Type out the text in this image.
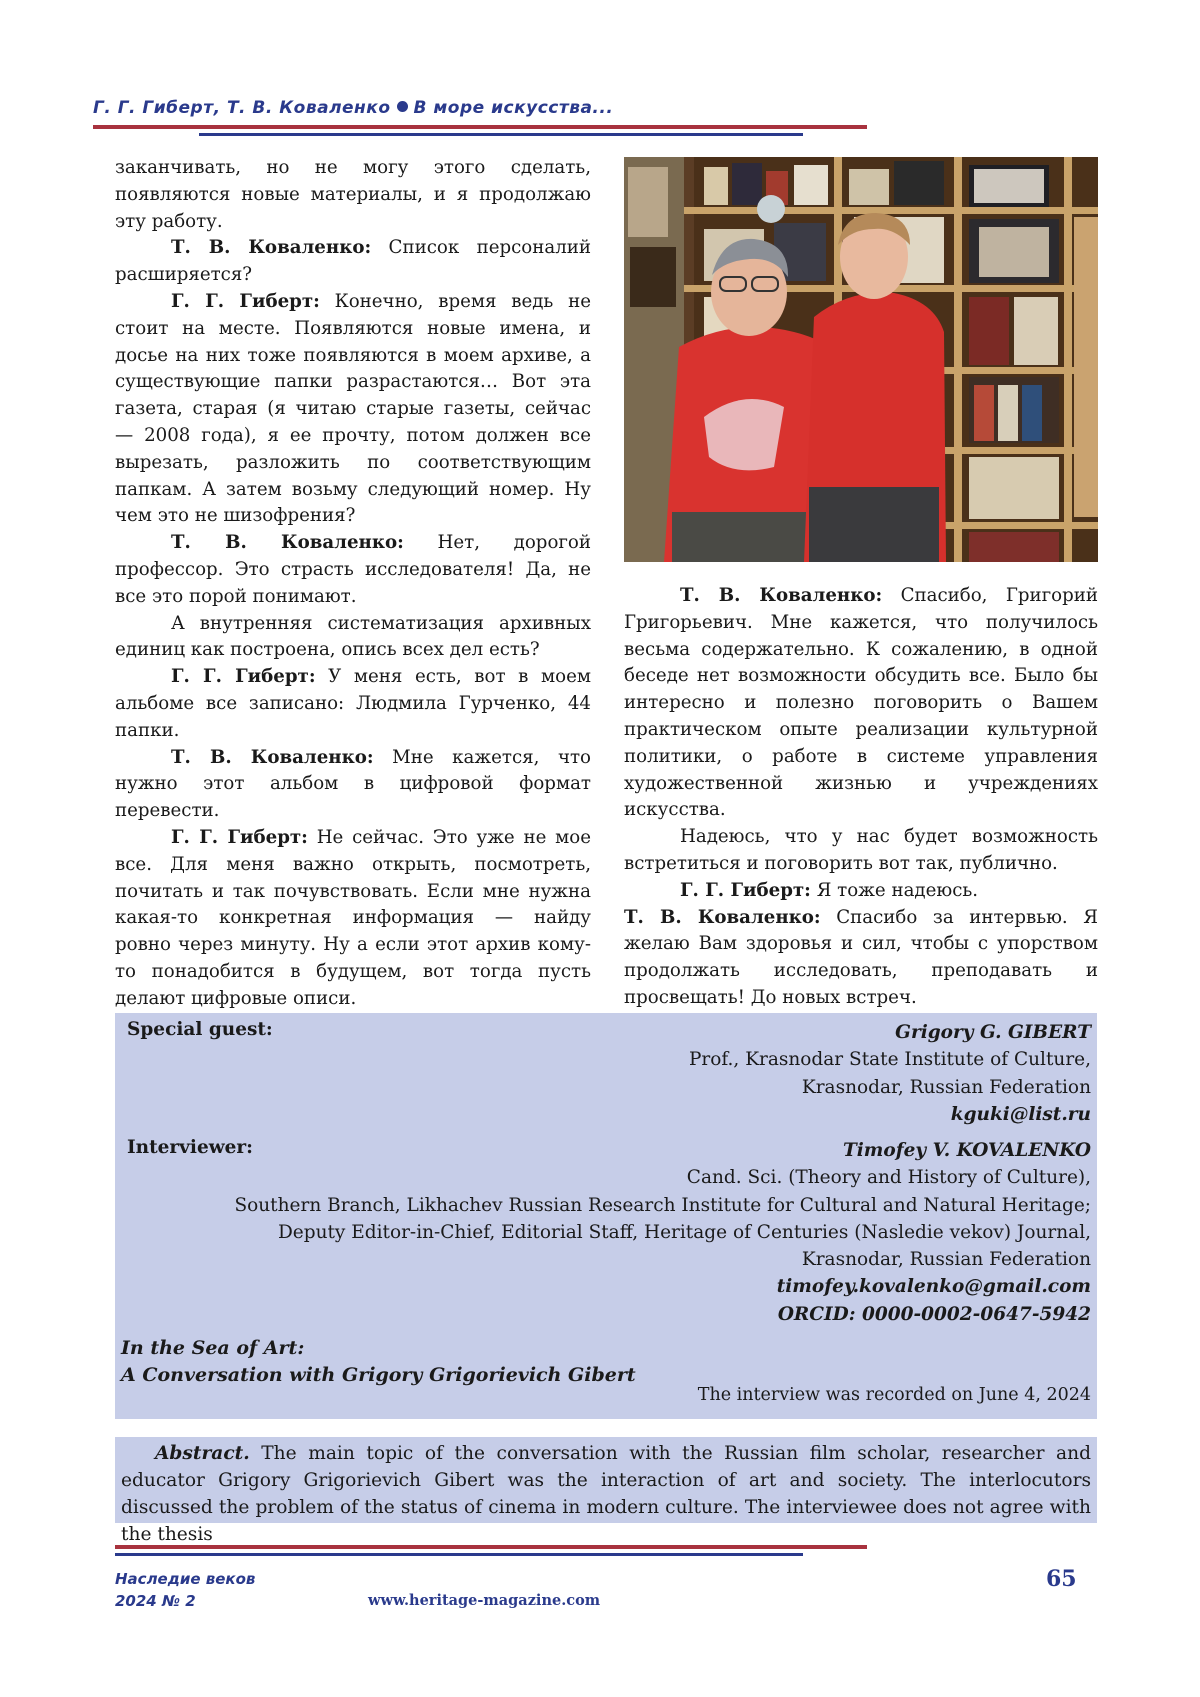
Г. Г. Гиберт, Т. В. Коваленко В море искусства...

заканчивать, но не могу этого сделать, появляются новые материалы, и я продолжаю эту работу.

Т. В. Коваленко: Список персоналий расширяется?

Г. Г. Гиберт: Конечно, время ведь не стоит на месте. Появляются новые имена, и досье на них тоже появляются в моем архиве, а существующие папки разрастаются… Вот эта газета, старая (я читаю старые газеты, сейчас — 2008 года), я ее прочту, потом должен все вырезать, разложить по соответствующим папкам. А затем возьму следующий номер. Ну чем это не шизофрения?

Т. В. Коваленко: Нет, дорогой профессор. Это страсть исследователя! Да, не все это порой понимают.

А внутренняя систематизация архивных единиц как построена, опись всех дел есть?

Г. Г. Гиберт: У меня есть, вот в моем альбоме все записано: Людмила Гурченко, 44 папки.

Т. В. Коваленко: Мне кажется, что нужно этот альбом в цифровой формат перевести.

Г. Г. Гиберт: Не сейчас. Это уже не мое все. Для меня важно открыть, посмотреть, почитать и так почувствовать. Если мне нужна какая-то конкретная информация — найду ровно через минуту. Ну а если этот архив кому-то понадобится в будущем, вот тогда пусть делают цифровые описи.

Т. В. Коваленко: Спасибо, Григорий Григорьевич. Мне кажется, что получилось весьма содержательно. К сожалению, в одной беседе нет возможности обсудить все. Было бы интересно и полезно поговорить о Вашем практическом опыте реализации культурной политики, о работе в системе управления художественной жизнью и учреждениях искусства.

Надеюсь, что у нас будет возможность встретиться и поговорить вот так, публично.

Г. Г. Гиберт: Я тоже надеюсь.

Т. В. Коваленко: Спасибо за интервью. Я желаю Вам здоровья и сил, чтобы с упорством продолжать исследовать, преподавать и просвещать! До новых встреч.

Special guest:	Grigory G. GIBERT
Prof., Krasnodar State Institute of Culture,
Krasnodar, Russian Federation
kguki@list.ru
Interviewer:	Timofey V. KOVALENKO
Cand. Sci. (Theory and History of Culture),
Southern Branch, Likhachev Russian Research Institute for Cultural and Natural Heritage;
Deputy Editor-in-Chief, Editorial Staff, Heritage of Centuries (Nasledie vekov) Journal,
Krasnodar, Russian Federation
timofey.kovalenko@gmail.com
ORCID: 0000-0002-0647-5942
In the Sea of Art:
A Conversation with Grigory Grigorievich Gibert
The interview was recorded on June 4, 2024

Abstract. The main topic of the conversation with the Russian film scholar, researcher and educator Grigory Grigorievich Gibert was the interaction of art and society. The interlocutors discussed the problem of the status of cinema in modern culture. The interviewee does not agree with the thesis

Наследие веков
2024 № 2	www.heritage-magazine.com
65
